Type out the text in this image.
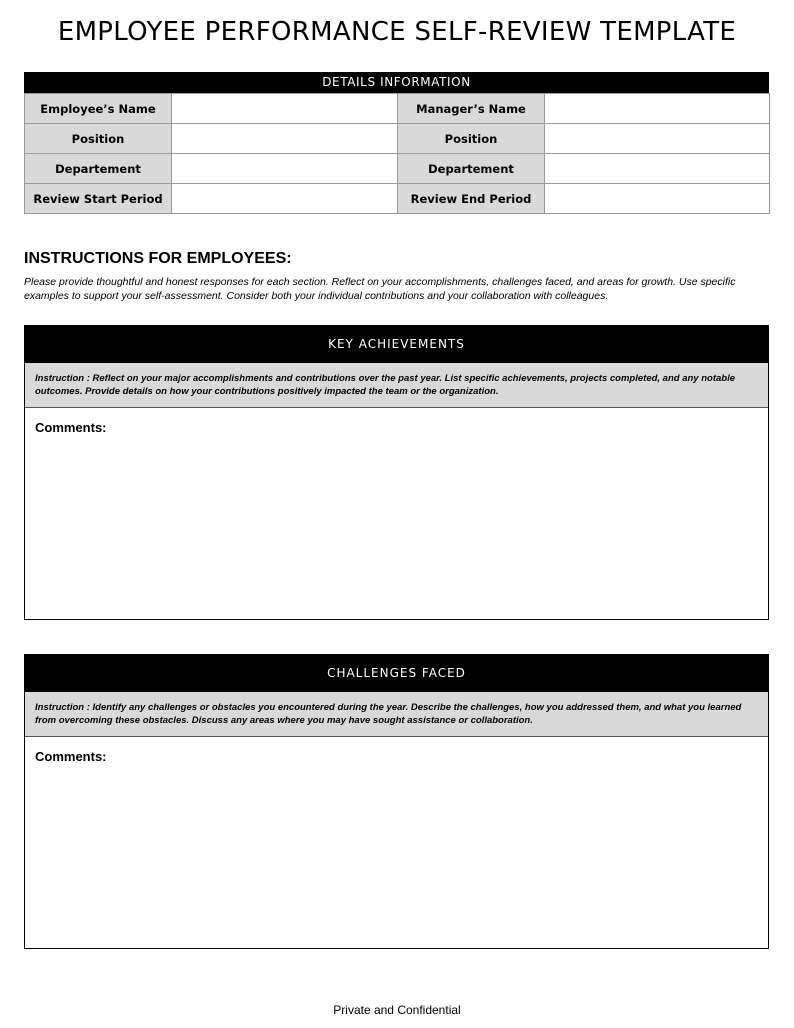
EMPLOYEE PERFORMANCE SELF-REVIEW TEMPLATE
DETAILS INFORMATION
Employee’s Name		Manager’s Name	
Position		Position	
Departement		Departement	
Review Start Period		Review End Period	
INSTRUCTIONS FOR EMPLOYEES:
Please provide thoughtful and honest responses for each section. Reflect on your accomplishments, challenges faced, and areas for growth. Use specific examples to support your self-assessment. Consider both your individual contributions and your collaboration with colleagues.
KEY ACHIEVEMENTS
Instruction : Reflect on your major accomplishments and contributions over the past year. List specific achievements, projects completed, and any notable outcomes. Provide details on how your contributions positively impacted the team or the organization.
Comments:
CHALLENGES FACED
Instruction : Identify any challenges or obstacles you encountered during the year. Describe the challenges, how you addressed them, and what you learned from overcoming these obstacles. Discuss any areas where you may have sought assistance or collaboration.
Comments:
Private and Confidential
